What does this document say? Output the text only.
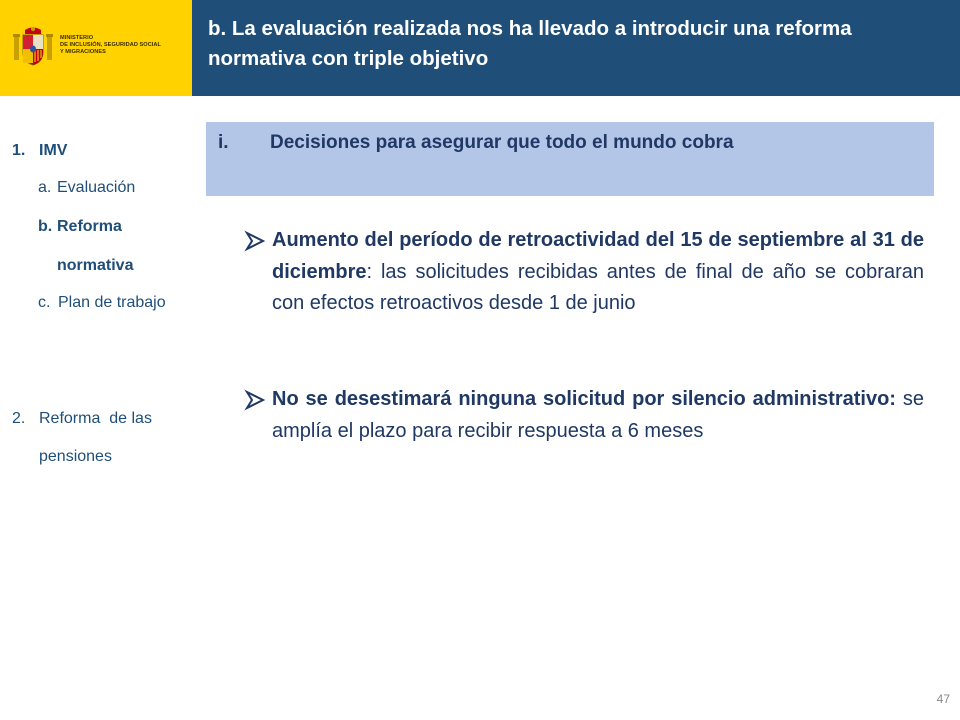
MINISTERIO
DE INCLUSIÓN, SEGURIDAD SOCIAL
Y MIGRACIONES
b. La evaluación realizada nos ha llevado a introducir una reforma normativa con triple objetivo
1. IMV
a. Evaluación
b. Reforma
normativa
c. Plan de trabajo
2. Reforma  de las
pensiones
i. Decisiones para asegurar que todo el mundo cobra
Aumento del período de retroactividad del 15 de septiembre al 31 de diciembre: las solicitudes recibidas antes de final de año se cobraran con efectos retroactivos desde 1 de junio
No se desestimará ninguna solicitud por silencio administrativo: se amplía el plazo para recibir respuesta a 6 meses
47
